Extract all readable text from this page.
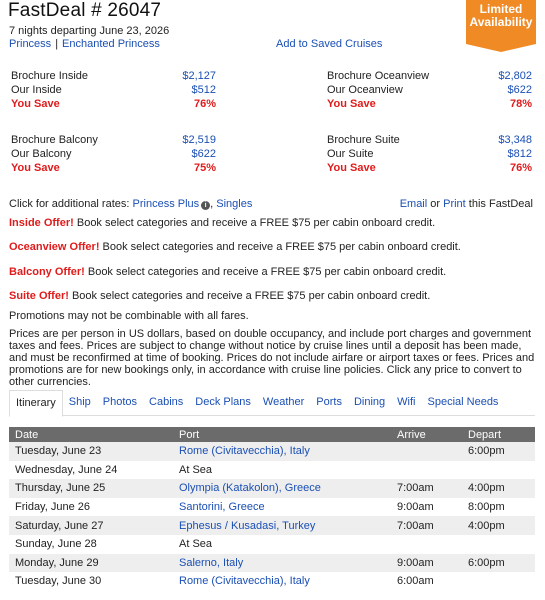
FastDeal # 26047
7 nights departing June 23, 2026
Princess | Enchanted Princess	Add to Saved Cruises
Limited
Availability
Brochure Inside	$2,127
Our Inside	$512
You Save	76%
Brochure Oceanview	$2,802
Our Oceanview	$622
You Save	78%
Brochure Balcony	$2,519
Our Balcony	$622
You Save	75%
Brochure Suite	$3,348
Our Suite	$812
You Save	76%
Click for additional rates: Princess Plus i , Singles	Email or Print this FastDeal
Inside Offer! Book select categories and receive a FREE $75 per cabin onboard credit.
Oceanview Offer! Book select categories and receive a FREE $75 per cabin onboard credit.
Balcony Offer! Book select categories and receive a FREE $75 per cabin onboard credit.
Suite Offer! Book select categories and receive a FREE $75 per cabin onboard credit.
Promotions may not be combinable with all fares.
Prices are per person in US dollars, based on double occupancy, and include port charges and government taxes and fees. Prices are subject to change without notice by cruise lines until a deposit has been made, and must be reconfirmed at time of booking. Prices do not include airfare or airport taxes or fees. Prices and promotions are for new bookings only, in accordance with cruise line policies. Click any price to convert to other currencies.
Itinerary	Ship	Photos	Cabins	Deck Plans	Weather	Ports	Dining	Wifi	Special Needs
Date	Port	Arrive	Depart
Tuesday, June 23	Rome (Civitavecchia), Italy		6:00pm
Wednesday, June 24	At Sea		
Thursday, June 25	Olympia (Katakolon), Greece	7:00am	4:00pm
Friday, June 26	Santorini, Greece	9:00am	8:00pm
Saturday, June 27	Ephesus / Kusadasi, Turkey	7:00am	4:00pm
Sunday, June 28	At Sea		
Monday, June 29	Salerno, Italy	9:00am	6:00pm
Tuesday, June 30	Rome (Civitavecchia), Italy	6:00am	
